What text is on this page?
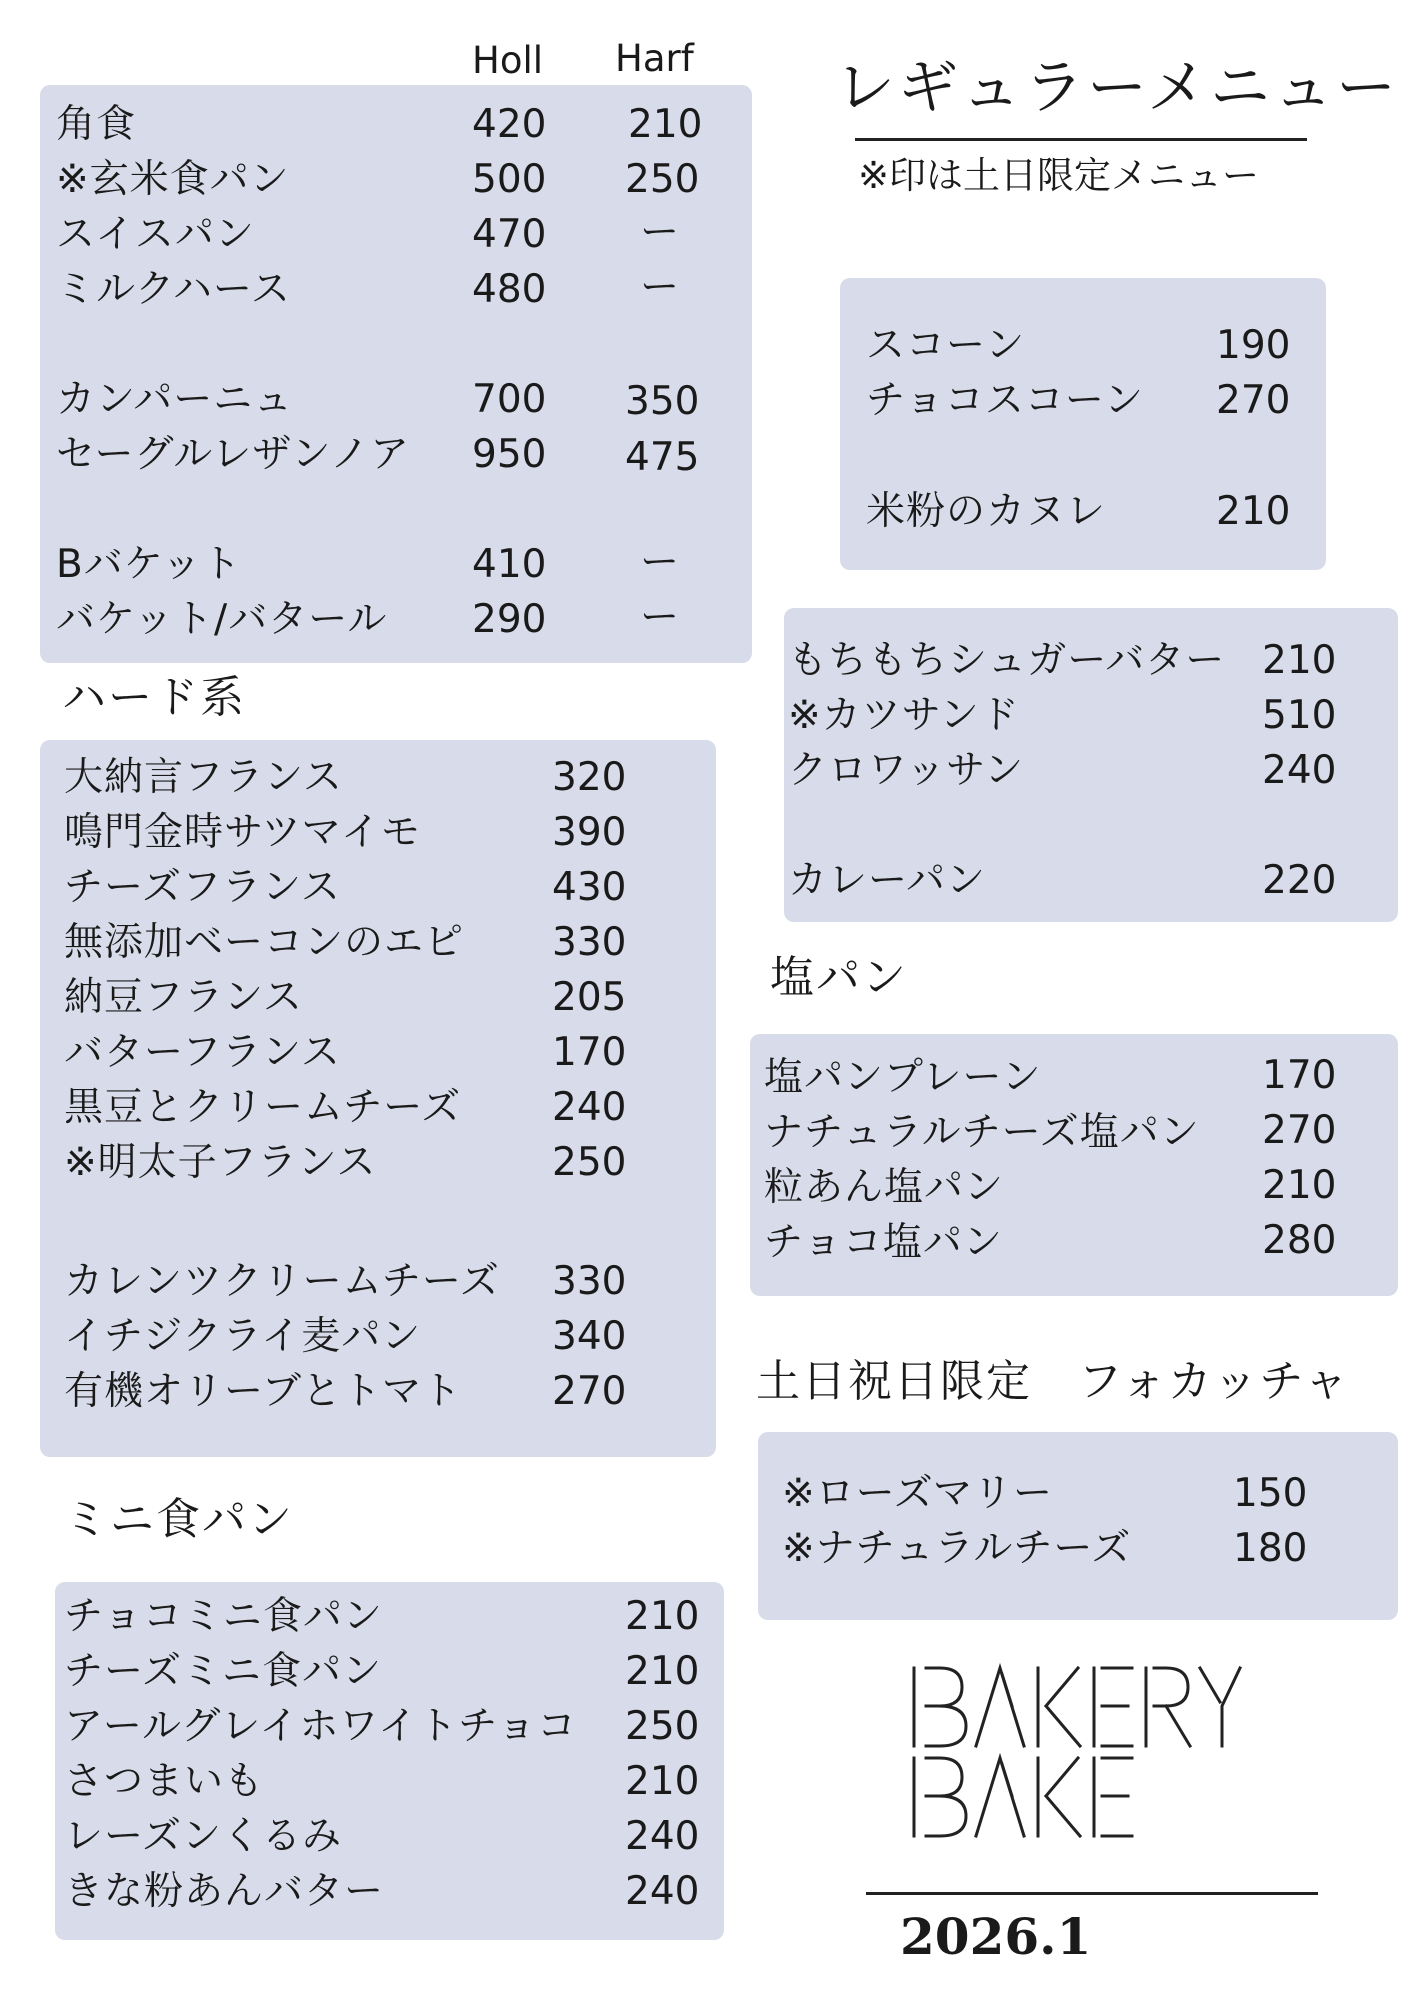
レギュラーメニュー
※印は土日限定メニュー
Holl Harf
角食	420 210
※玄米食パン	500 250
スイスパン	470 ー
ミルクハース	480 ー
カンパーニュ	700 350
セーグルレザンノア 950 475
Bバケット	410 ー
バケット/バタール 290 ー
ハード系
大納言フランス	320
鳴門金時サツマイモ	390
チーズフランス	430
無添加ベーコンのエピ 330
納豆フランス	205
バターフランス	170
黒豆とクリームチーズ 240
※明太子フランス	250
カレンツクリームチーズ 330
イチジクライ麦パン	340
有機オリーブとトマト 270
ミニ食パン
チョコミニ食パン	210
チーズミニ食パン	210
アールグレイホワイトチョコ 250
さつまいも	210
レーズンくるみ	240
きな粉あんバター	240
スコーン	190
チョコスコーン 270
米粉のカヌレ	210
もちもちシュガーバター 210
※カツサンド	510
クロワッサン	240
カレーパン	220
塩パン
塩パンプレーン	170
ナチュラルチーズ塩パン 270
粒あん塩パン	210
チョコ塩パン	280
土日祝日限定　フォカッチャ
※ローズマリー	150
※ナチュラルチーズ	180
2026.1
